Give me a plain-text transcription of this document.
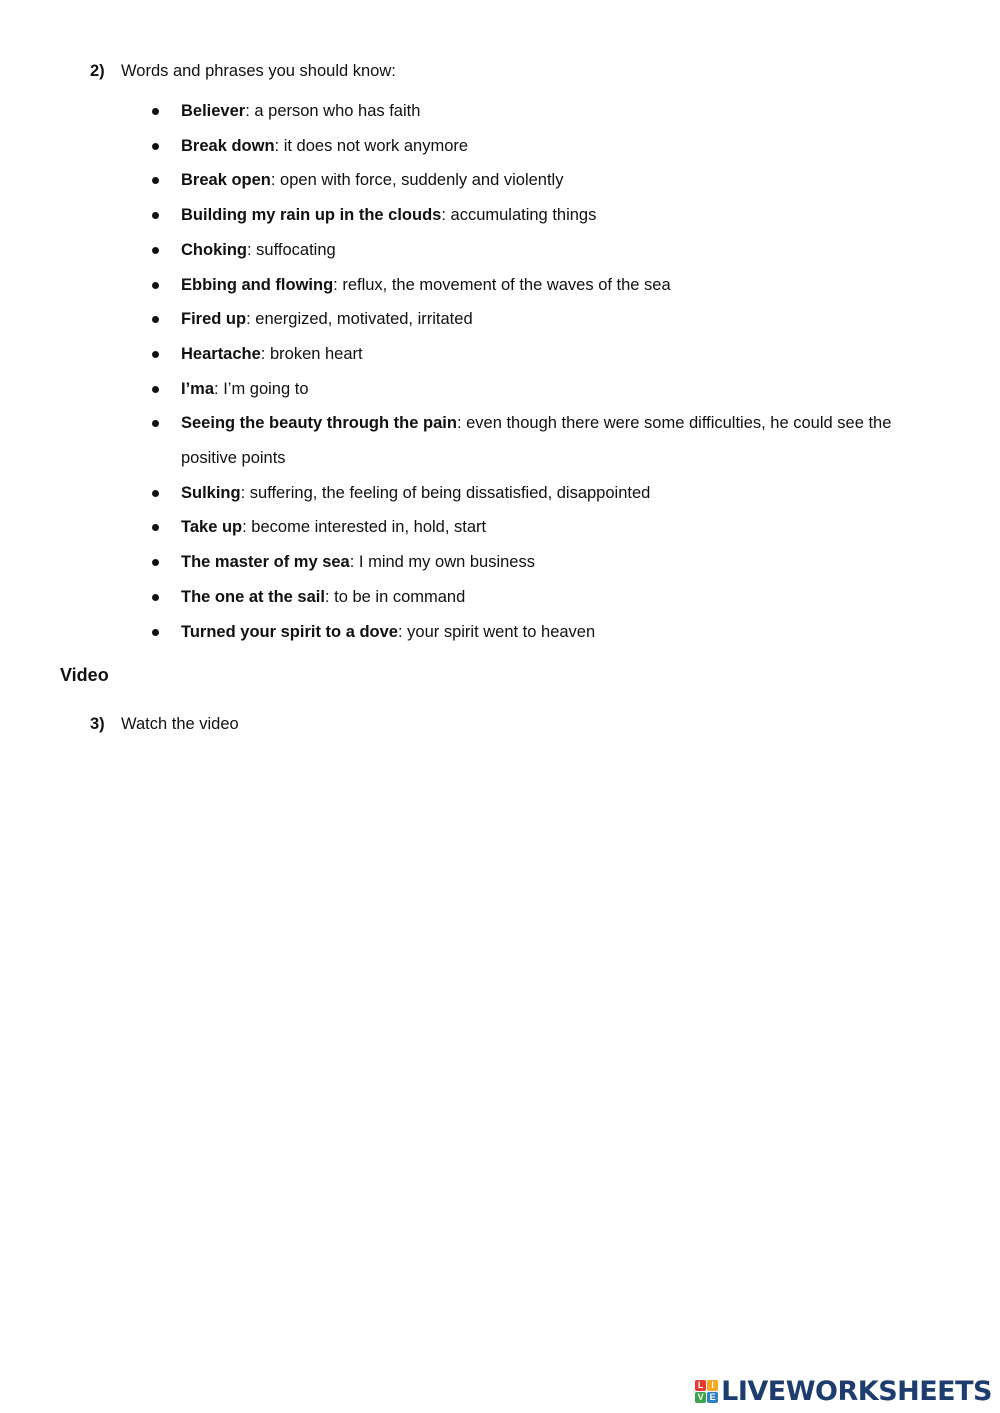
2) Words and phrases you should know:
Believer: a person who has faith
Break down: it does not work anymore
Break open: open with force, suddenly and violently
Building my rain up in the clouds: accumulating things
Choking: suffocating
Ebbing and flowing: reflux, the movement of the waves of the sea
Fired up: energized, motivated, irritated
Heartache: broken heart
I’ma: I’m going to
Seeing the beauty through the pain: even though there were some difficulties, he could see the positive points
Sulking: suffering, the feeling of being dissatisfied, disappointed
Take up: become interested in, hold, start
The master of my sea: I mind my own business
The one at the sail: to be in command
Turned your spirit to a dove: your spirit went to heaven
Video
3) Watch the video
L I
V E LIVEWORKSHEETS
